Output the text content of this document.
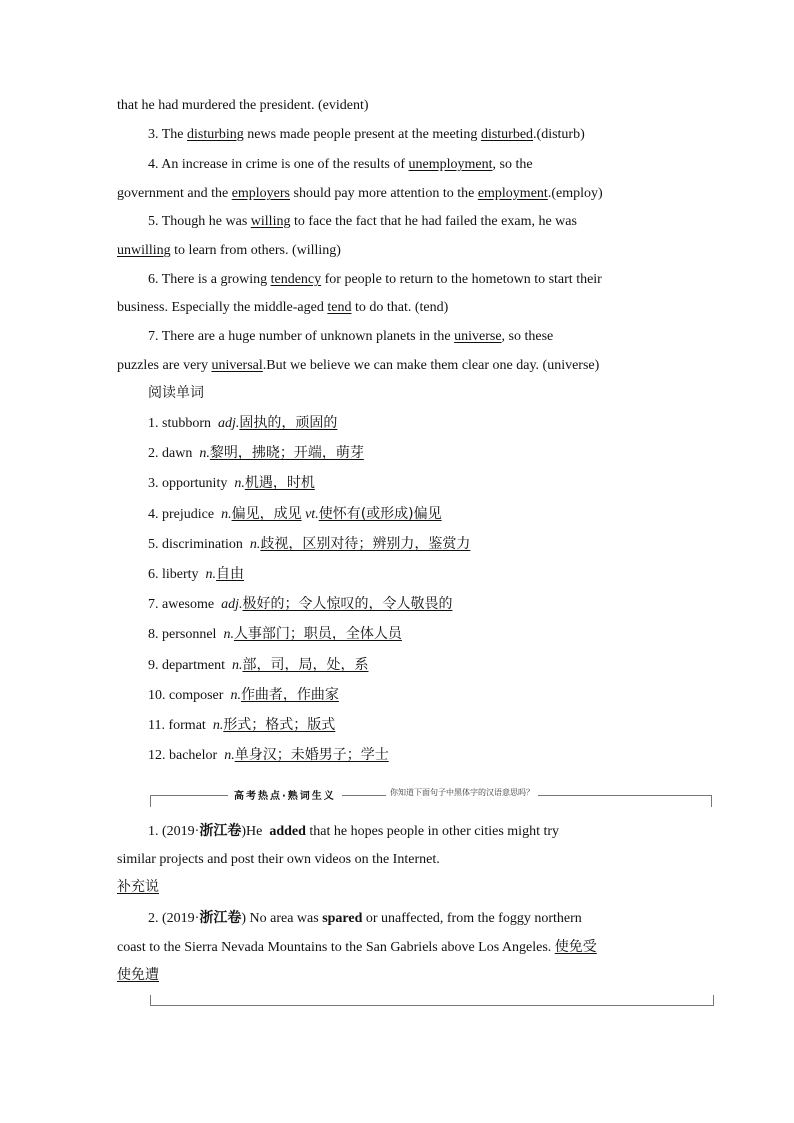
that he had murdered the president. (evident)
3. The disturbing news made people present at the meeting disturbed.(disturb)
4. An increase in crime is one of the results of unemployment, so the
government and the employers should pay more attention to the employment.(employ)
5. Though he was willing to face the fact that he had failed the exam, he was
unwilling to learn from others. (willing)
6. There is a growing tendency for people to return to the hometown to start their
business. Especially the middle‑aged tend to do that. (tend)
7. There are a huge number of unknown planets in the universe, so these
puzzles are very universal.But we believe we can make them clear one day. (universe)
阅读单词
1. stubborn adj.固执的，顽固的
2. dawn n.黎明，拂晓；开端，萌芽
3. opportunity n.机遇，时机
4. prejudice n.偏见，成见 vt.使怀有(或形成)偏见
5. discrimination n.歧视，区别对待；辨别力，鉴赏力
6. liberty n.自由
7. awesome adj.极好的；令人惊叹的，令人敬畏的
8. personnel n.人事部门；职员，全体人员
9. department n.部，司，局，处，系
10. composer n.作曲者，作曲家
11. format n.形式；格式；版式
12. bachelor n.单身汉；未婚男子；学士
高考热点·熟词生义	你知道下面句子中黑体字的汉语意思吗？
1. (2019·浙江卷)He added that he hopes people in other cities might try
similar projects and post their own videos on the Internet.
补充说
2. (2019·浙江卷) No area was spared or unaffected, from the foggy northern
coast to the Sierra Nevada Mountains to the San Gabriels above Los Angeles. 使免受
使免遭
